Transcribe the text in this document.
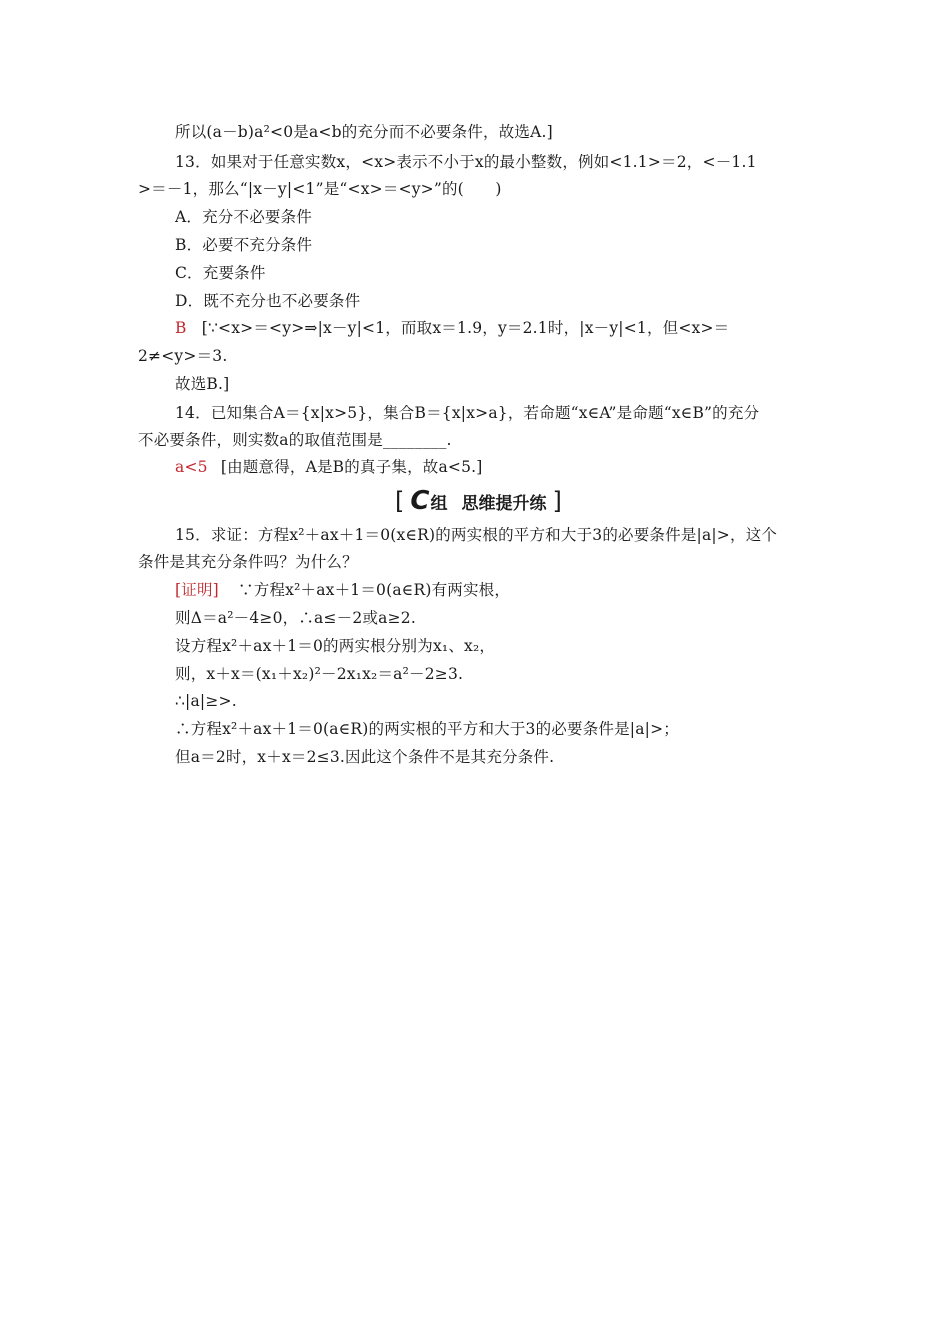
所以(a－b)a²<0是a<b的充分而不必要条件，故选A.]
13．如果对于任意实数x，<x>表示不小于x的最小整数，例如<1.1>＝2，<－1.1
>＝－1，那么“|x－y|<1”是“<x>＝<y>”的(　　)
A．充分不必要条件
B．必要不充分条件
C．充要条件
D．既不充分也不必要条件
B [∵<x>＝<y>⇒|x－y|<1，而取x＝1.9，y＝2.1时，|x－y|<1，但<x>＝
2≠<y>＝3.
故选B.]
14．已知集合A＝{x|x>5}，集合B＝{x|x>a}，若命题“x∈A”是命题“x∈B”的充分
不必要条件，则实数a的取值范围是________.
a<5 [由题意得，A是B的真子集，故a<5.]
[ C 组 思维提升练 ]
15．求证：方程x²＋ax＋1＝0(x∈R)的两实根的平方和大于3的必要条件是|a|>，这个
条件是其充分条件吗？为什么？
[证明] ∵方程x²＋ax＋1＝0(a∈R)有两实根，
则Δ＝a²－4≥0，∴a≤－2或a≥2.
设方程x²＋ax＋1＝0的两实根分别为x₁、x₂，
则，x＋x＝(x₁＋x₂)²－2x₁x₂＝a²－2≥3.
∴|a|≥>.
∴方程x²＋ax＋1＝0(a∈R)的两实根的平方和大于3的必要条件是|a|>；
但a＝2时，x＋x＝2≤3.因此这个条件不是其充分条件.
